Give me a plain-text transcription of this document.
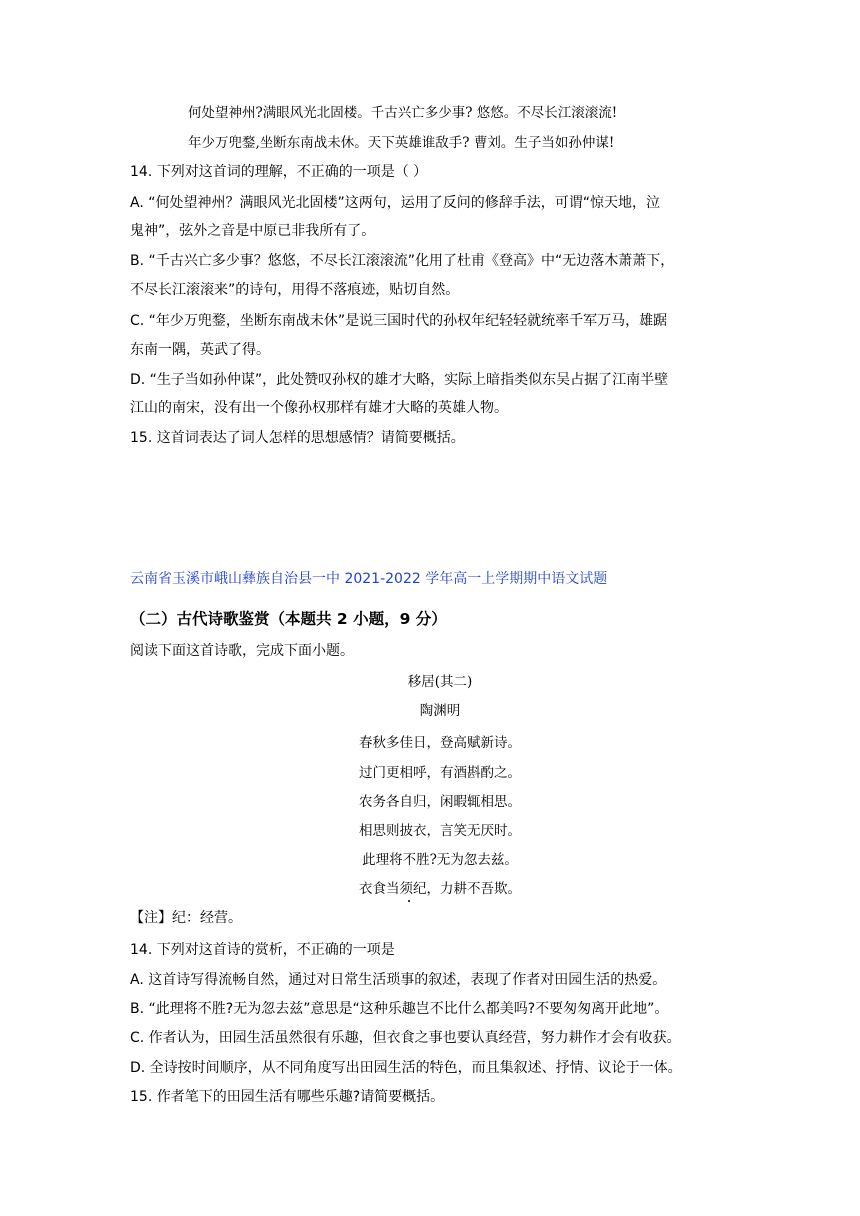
何处望神州?满眼风光北固楼。千古兴亡多少事? 悠悠。不尽长江滚滚流!
年少万兜鍪,坐断东南战未休。天下英雄谁敌手? 曹刘。生子当如孙仲谋!
14. 下列对这首词的理解，不正确的一项是（ ）
A. “何处望神州？满眼风光北固楼”这两句，运用了反问的修辞手法，可谓“惊天地，泣
鬼神”，弦外之音是中原已非我所有了。
B. “千古兴亡多少事？悠悠，不尽长江滚滚流”化用了杜甫《登高》中“无边落木萧萧下，
不尽长江滚滚来”的诗句，用得不落痕迹，贴切自然。
C. “年少万兜鍪，坐断东南战未休”是说三国时代的孙权年纪轻轻就统率千军万马，雄踞
东南一隅，英武了得。
D. “生子当如孙仲谋”，此处赞叹孙权的雄才大略，实际上暗指类似东吴占据了江南半壁
江山的南宋，没有出一个像孙权那样有雄才大略的英雄人物。
15. 这首词表达了词人怎样的思想感情？请简要概括。
云南省玉溪市峨山彝族自治县一中 2021-2022 学年高一上学期期中语文试题
（二）古代诗歌鉴赏（本题共 2 小题，9 分）
阅读下面这首诗歌，完成下面小题。
移居(其二)
陶渊明
春秋多佳日，登高赋新诗。
过门更相呼，有酒斟酌之。
农务各自归，闲暇辄相思。
相思则披衣，言笑无厌时。
此理将不胜?无为忽去兹。
衣食当须纪，力耕不吾欺。
【注】纪：经营。
14. 下列对这首诗的赏析，不正确的一项是
A. 这首诗写得流畅自然，通过对日常生活琐事的叙述，表现了作者对田园生活的热爱。
B. “此理将不胜?无为忽去兹”意思是“这种乐趣岂不比什么都美吗?不要匆匆离开此地”。
C. 作者认为，田园生活虽然很有乐趣，但衣食之事也要认真经营，努力耕作才会有收获。
D. 全诗按时间顺序，从不同角度写出田园生活的特色，而且集叙述、抒情、议论于一体。
15. 作者笔下的田园生活有哪些乐趣?请简要概括。
